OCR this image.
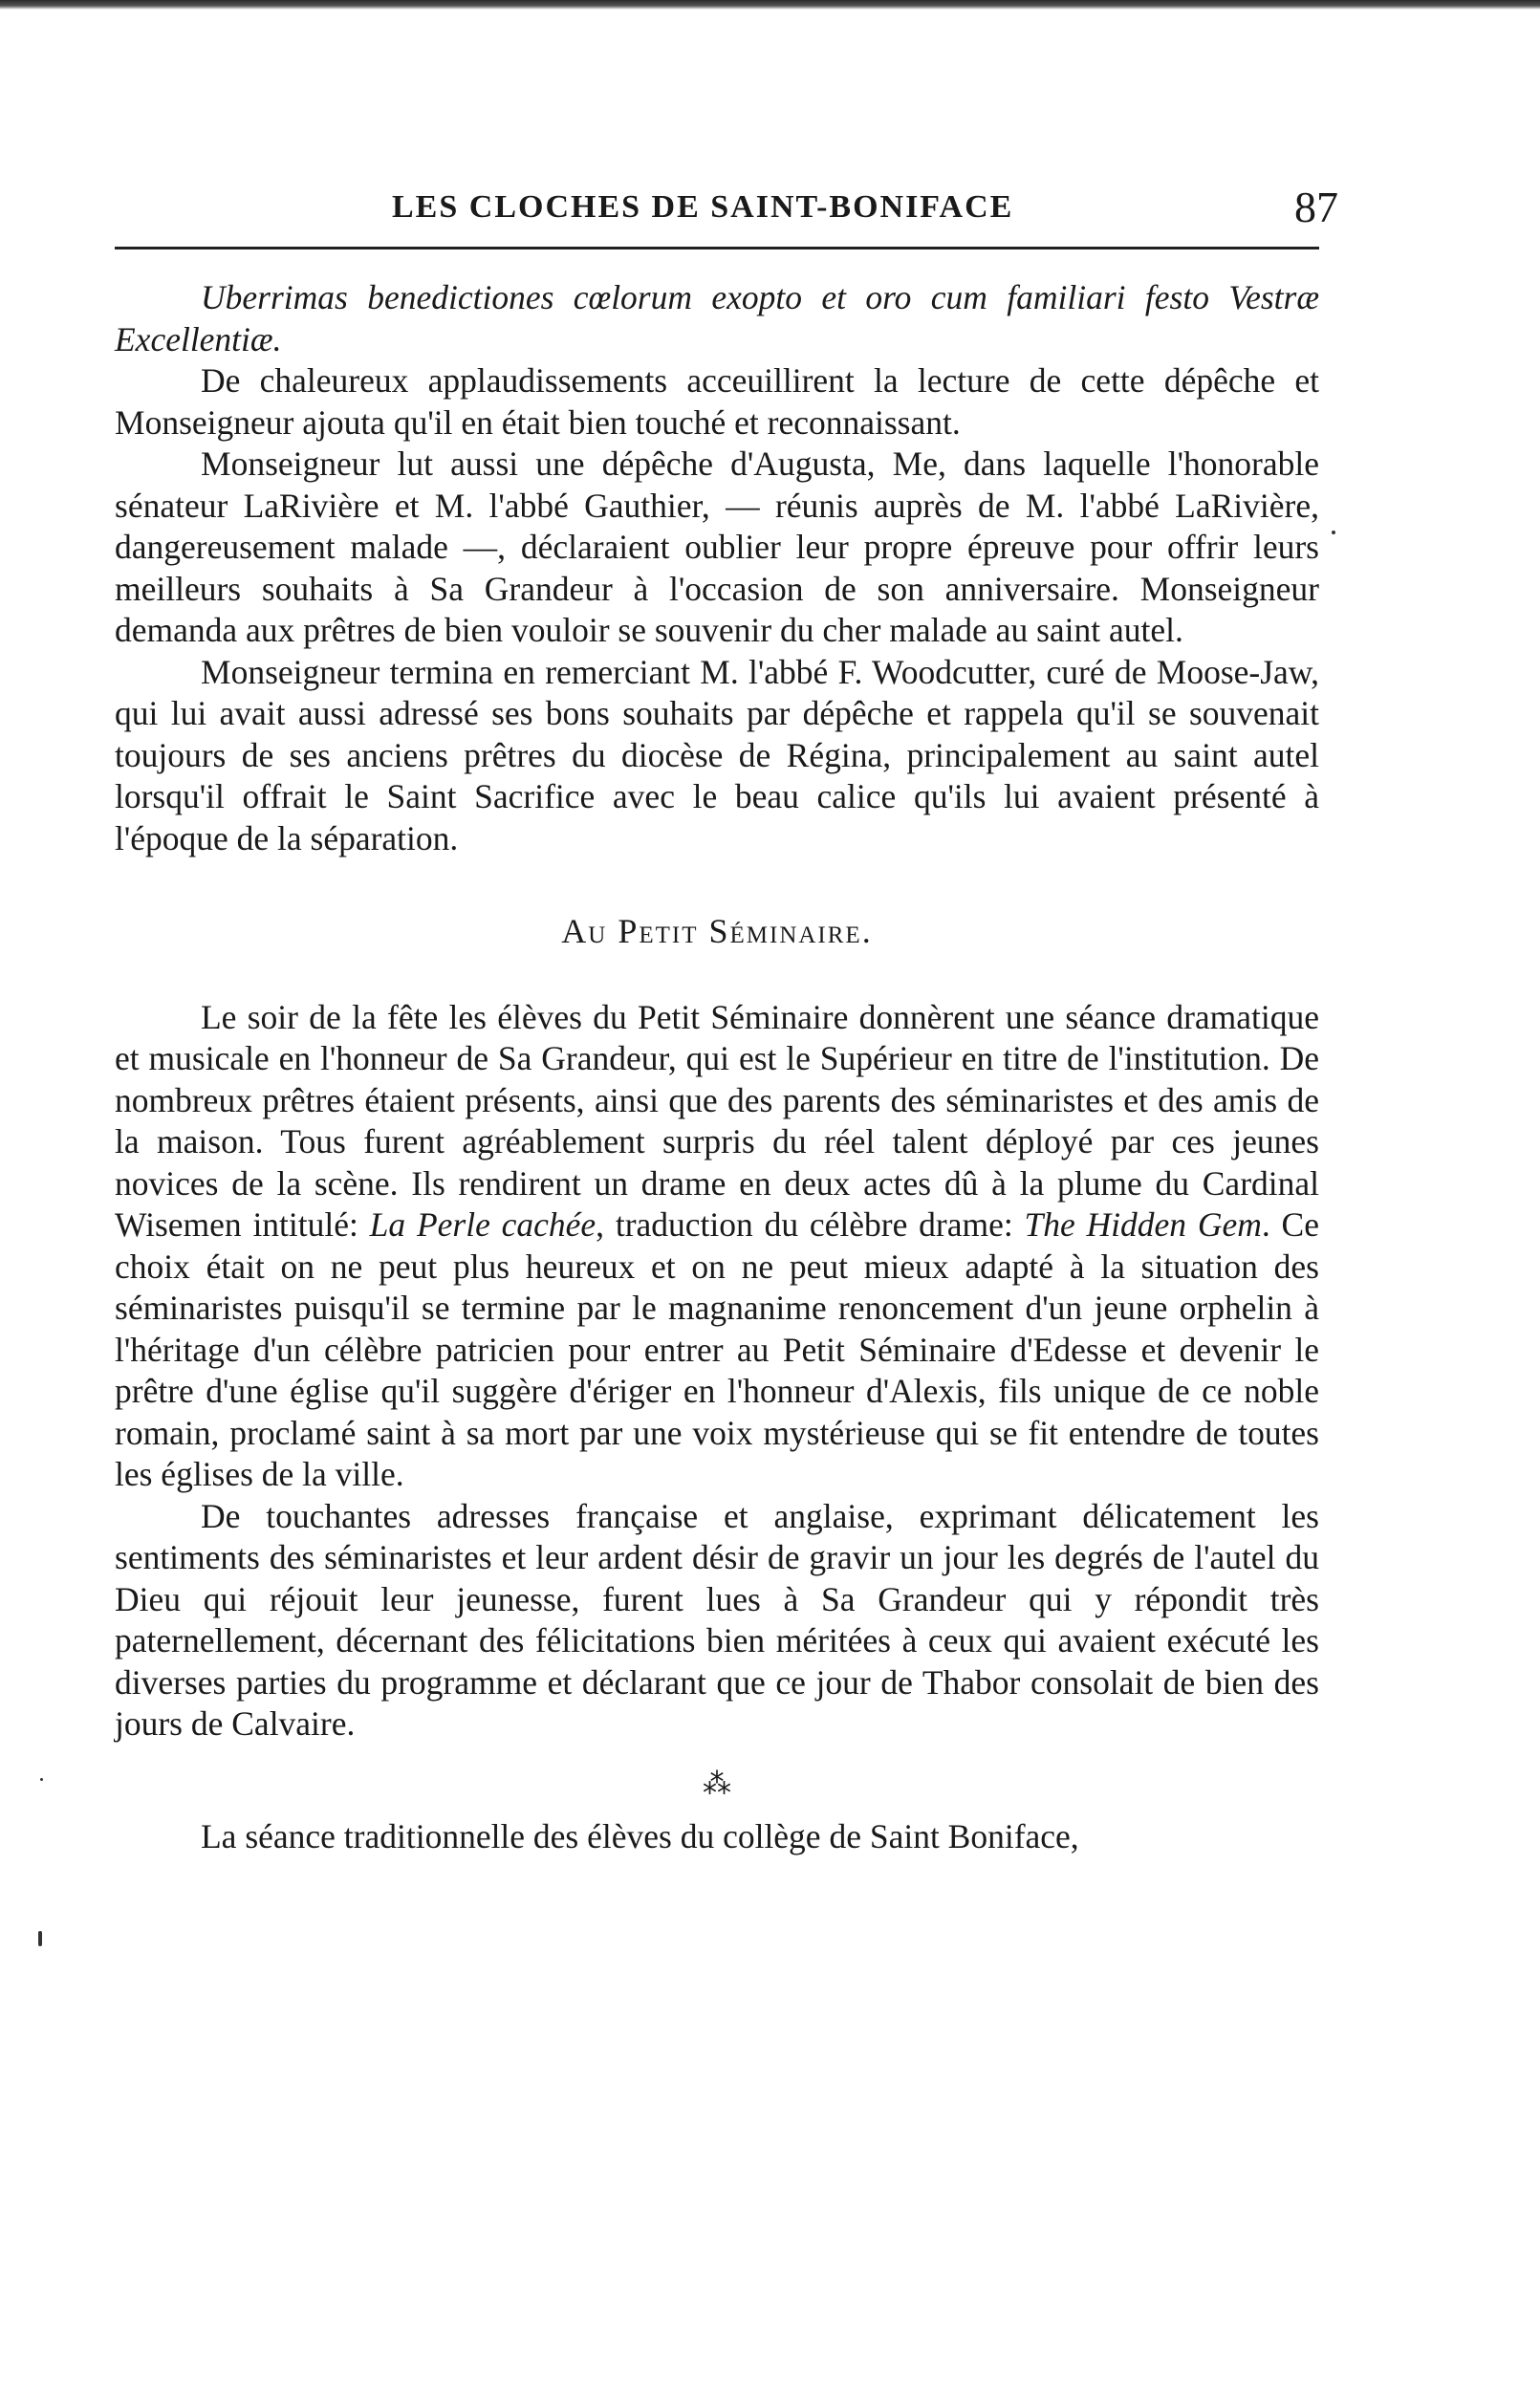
LES CLOCHES DE SAINT-BONIFACE	87

Uberrimas benedictiones cœlorum exopto et oro cum familiari festo Vestræ Excellentiæ.

De chaleureux applaudissements acceuillirent la lecture de cette dépêche et Monseigneur ajouta qu'il en était bien touché et reconnaissant.

Monseigneur lut aussi une dépêche d'Augusta, Me, dans laquelle l'honorable sénateur LaRivière et M. l'abbé Gauthier, — réunis auprès de M. l'abbé LaRivière, dangereusement malade —, déclaraient oublier leur propre épreuve pour offrir leurs meilleurs souhaits à Sa Grandeur à l'occasion de son anniversaire. Monseigneur demanda aux prêtres de bien vouloir se souvenir du cher malade au saint autel.

Monseigneur termina en remerciant M. l'abbé F. Woodcutter, curé de Moose-Jaw, qui lui avait aussi adressé ses bons souhaits par dépêche et rappela qu'il se souvenait toujours de ses anciens prêtres du diocèse de Régina, principalement au saint autel lorsqu'il offrait le Saint Sacrifice avec le beau calice qu'ils lui avaient présenté à l'époque de la séparation.

Au Petit Séminaire.

Le soir de la fête les élèves du Petit Séminaire donnèrent une séance dramatique et musicale en l'honneur de Sa Grandeur, qui est le Supérieur en titre de l'institution. De nombreux prêtres étaient présents, ainsi que des parents des séminaristes et des amis de la maison. Tous furent agréablement surpris du réel talent déployé par ces jeunes novices de la scène. Ils rendirent un drame en deux actes dû à la plume du Cardinal Wisemen intitulé: La Perle cachée, traduction du célèbre drame: The Hidden Gem. Ce choix était on ne peut plus heureux et on ne peut mieux adapté à la situation des séminaristes puisqu'il se termine par le magnanime renoncement d'un jeune orphelin à l'héritage d'un célèbre patricien pour entrer au Petit Séminaire d'Edesse et devenir le prêtre d'une église qu'il suggère d'ériger en l'honneur d'Alexis, fils unique de ce noble romain, proclamé saint à sa mort par une voix mystérieuse qui se fit entendre de toutes les églises de la ville.

De touchantes adresses française et anglaise, exprimant délicatement les sentiments des séminaristes et leur ardent désir de gravir un jour les degrés de l'autel du Dieu qui réjouit leur jeunesse, furent lues à Sa Grandeur qui y répondit très paternellement, décernant des félicitations bien méritées à ceux qui avaient exécuté les diverses parties du programme et déclarant que ce jour de Thabor consolait de bien des jours de Calvaire.

⁂

La séance traditionnelle des élèves du collège de Saint Boniface,
